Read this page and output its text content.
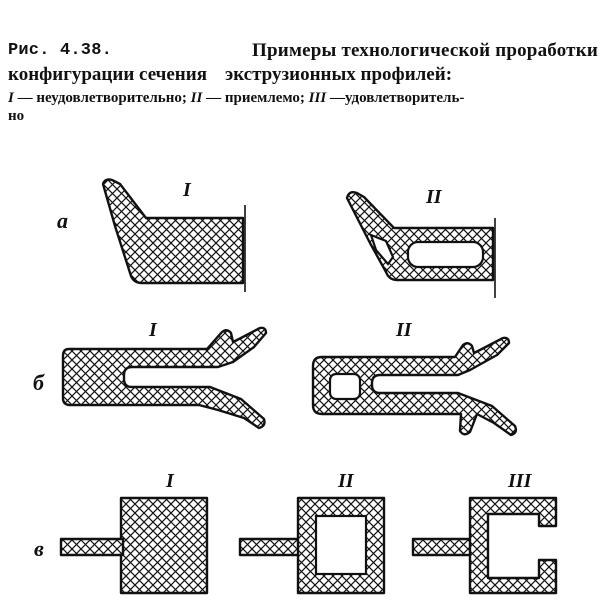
Рис. 4.38.	Примеры технологической проработки
конфигурации сечения экструзионных профилей:
I — неудовлетворительно; II — приемлемо; III —удовлетворитель-
но
а
I	II
б
I	II
в
I	II	III
